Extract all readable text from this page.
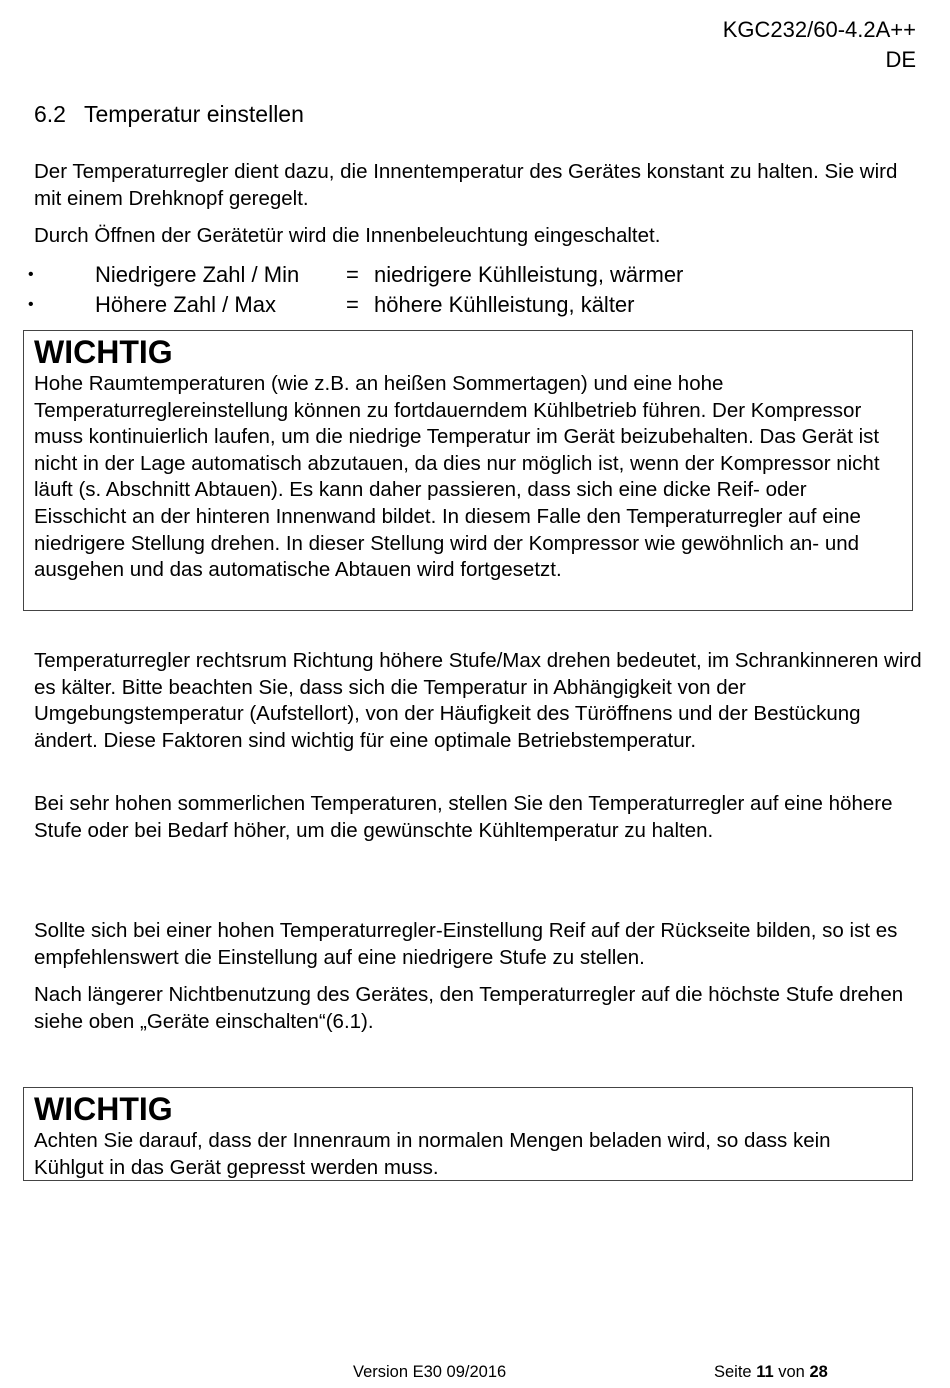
KGC232/60-4.2A++
DE
6.2 Temperatur einstellen

Der Temperaturregler dient dazu, die Innentemperatur des Gerätes konstant zu halten. Sie wird mit einem Drehknopf geregelt.

Durch Öffnen der Gerätetür wird die Innenbeleuchtung eingeschaltet.

•	Niedrigere Zahl / Min = niedrigere Kühlleistung, wärmer
•	Höhere Zahl / Max	= höhere Kühlleistung, kälter
WICHTIG

Hohe Raumtemperaturen (wie z.B. an heißen Sommertagen) und eine hohe Temperaturreglereinstellung können zu fortdauerndem Kühlbetrieb führen. Der Kompressor muss kontinuierlich laufen, um die niedrige Temperatur im Gerät beizubehalten. Das Gerät ist nicht in der Lage automatisch abzutauen, da dies nur möglich ist, wenn der Kompressor nicht läuft (s. Abschnitt Abtauen). Es kann daher passieren, dass sich eine dicke Reif- oder Eisschicht an der hinteren Innenwand bildet. In diesem Falle den Temperaturregler auf eine niedrigere Stellung drehen. In dieser Stellung wird der Kompressor wie gewöhnlich an- und ausgehen und das automatische Abtauen wird fortgesetzt.

Temperaturregler rechtsrum Richtung höhere Stufe/Max drehen bedeutet, im Schrankinneren wird es kälter. Bitte beachten Sie, dass sich die Temperatur in Abhängigkeit von der Umgebungstemperatur (Aufstellort), von der Häufigkeit des Türöffnens und der Bestückung ändert. Diese Faktoren sind wichtig für eine optimale Betriebstemperatur.

Bei sehr hohen sommerlichen Temperaturen, stellen Sie den Temperaturregler auf eine höhere Stufe oder bei Bedarf höher, um die gewünschte Kühltemperatur zu halten.

Sollte sich bei einer hohen Temperaturregler-Einstellung Reif auf der Rückseite bilden, so ist es empfehlenswert die Einstellung auf eine niedrigere Stufe zu stellen.

Nach längerer Nichtbenutzung des Gerätes, den Temperaturregler auf die höchste Stufe drehen siehe oben „Geräte einschalten“(6.1).

WICHTIG

Achten Sie darauf, dass der Innenraum in normalen Mengen beladen wird, so dass kein Kühlgut in das Gerät gepresst werden muss.

Version E30 09/2016	Seite 11 von 28
